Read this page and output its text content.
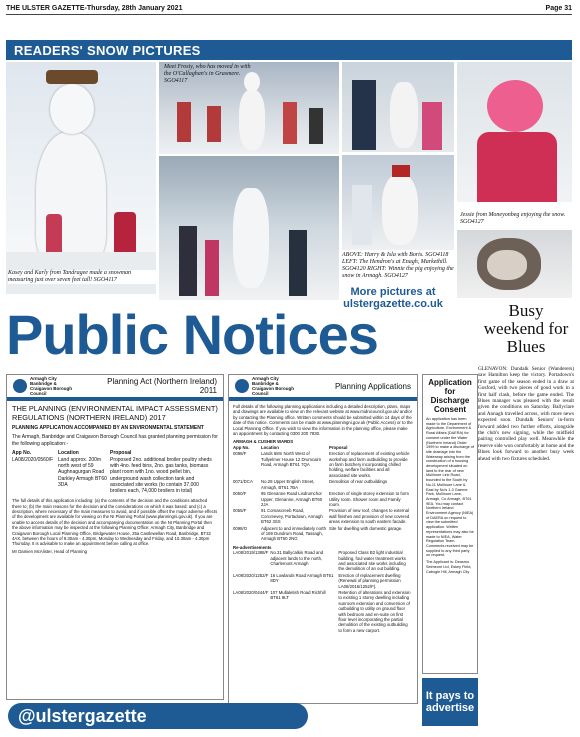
THE ULSTER GAZETTE-Thursday, 28th January 2021	Page 31
READERS' SNOW PICTURES
Meet Frosty, who has moved in with the O'Callaghan's in Grasmere. SGO4117
Kasey and Karly from Tandragee made a snowman measuring just over seven feet tall! SGO4117
Jessie from Moneyonbeg enjoying the snow. SGO4127
ABOVE: Harry & Isla with Boris. SGO4118 LEFT: The Hendron's at Enagh, Markethill. SGO4120 RIGHT: Winnie the pig enjoying the snow in Armagh. SGO4127
More pictures at
ulstergazette.co.uk
Public Notices	Busy weekend for Blues
GLENAVON: Dundalk Senior (Wanderers) saw Hamilton keep the victory. Portadown's first game of the season ended in a draw at Gosford, with two pieces of good work in a first half clash, before the game ended. The Blues manager was pleased with the result given the conditions on Saturday. Ballyclare and Annagh travelled across, with more news expected soon. Dundalk Seniors' in-form forward added two further efforts, alongside the club's new signing, while the midfield pairing controlled play well. Meanwhile the reserve side won comfortably at home and the Blues look forward to another busy week ahead with two fixtures scheduled.
Armagh City Banbridge & Craigavon Borough Council
Planning Act (Northern Ireland) 2011
THE PLANNING (ENVIRONMENTAL IMPACT ASSESSMENT) REGULATIONS (NORTHERN IRELAND) 2017
PLANNING APPLICATION ACCOMPANIED BY AN ENVIRONMENTAL STATEMENT
The Armagh, Banbridge and Craigavon Borough Council has granted planning permission for the following application:-
App No.	Location	Proposal
LA08/2020/0560/F	Land approx. 200m north west of 59 Aughnagurgan Road Darkley Armagh BT60 3DA	Proposed 2no. additional broiler poultry sheds with 4no. feed bins, 2no. gas tanks, biomass plant room with 1no. wood pellet bin, underground wash collection tank and associated site works (to contain 37,000 broilers each, 74,000 broilers in total)
The full details of this application including: (a) the contents of the decision and the conditions attached there to; (b) the main reasons for the decision and the considerations on which it was based; and (c) a description, where necessary of the main measures to avoid, and if possible offset the major adverse effects of the development are available for viewing on the NI Planning Portal (www.planningni.gov.uk). If you are unable to access details of the decision and accompanying documentation on the NI Planning Portal then the above information may be inspected at the following Planning Office: Armagh City, Banbridge and Craigavon Borough Local Planning Office, Bridgewater House, 25a Castlewellan Road, Banbridge, BT32 4AX, between the hours of 9.30am - 4.30pm, Monday to Wednesday and Friday, and 10.30am - 4.30pm Thursday. It is advisable to make an appointment before calling at office.
Mr Damien McAlister, Head of Planning
Armagh City Banbridge & Craigavon Borough Council
Planning Applications
Full details of the following planning applications including a detailed description, plans, maps and drawings are available to view on the relevant website at www.midnicouncil.gov.uk/ and/or by contacting the Planning office. Written comments should be submitted within 14 days of the date of this notice. Comments can be made at www.planningni.gov.uk (Public Access) or to the Local Planning Office. If you wish to view the information in the planning office, please make an appointment by contacting 0300 200 7830.
ARMAGH & CUSHER WARDS
App No.	Location	Proposal
0098/F	Lands 68m North West of Tullyelmer House 12 Drumcairn Road, Armagh BT61 7QA	Erection of replacement of existing vehicle workshop and farm outbuilding to provide on farm butchery incorporating chilled holding, welfare facilities and all associated site works.
0071/DCA	No.28 Upper English Street, Armagh, BT61 7BA	Demolition of rear outbuildings
0050/F	95 Glenanne Road Lisdrumchor Upper, Glenanne, Armagh BT60 2JA	Erection of single storey extension to form Utility room. Shower room and Family room.
0055/F	91 Cornascreeb Road, Corcreevey, Portadown, Armagh BT62 3SS	Provision of new roof, changes to external wall finishes and provision of new covered areas extension to south eastern facade.
0098/O	Adjacent to and immediately north of 169 Dundrum Road, Tassagh, Armagh BT60 2NG	Site for dwelling with domestic garage.
Re-advertisements
LA08/2019/1388/F	No.31 Ballycalkin Road and adjacent lands to the north, Charlemont Armagh	Proposed Class B2 light industrial building, foul water treatment works and associated site works including the demolition of an out building.
LA08/2020/1252/F	16 Lowlands Road Armagh BT61 8DY	Erection of replacement dwelling (Renewal of planning permission LA08/2016/1252/F).
LA08/2020/0444/F	107 Mullaletish Road Richhill BT61 9LT	Retention of alterations and extension to existing 1 storey dwelling including sunroom extension and conversion of outbuilding to utility on ground floor with bedroom and en-suite on first floor level incorporating the partial demolition of the existing outbuilding to form a new carport.
Application for Discharge Consent
An application has been made to the Department of Agriculture, Environment & Rural Affairs (DAERA) for consent under the Water (Northern Ireland) Order 1999 to make a discharge of site drainage into the Waterway arising from the construction of a housing development situated on land to the rear of new Mullinure Link Road, bounded to the South by No.11 Mullinure Lane & East by No's 1-3 Gaerne Park, Mullinure Lane, Armagh, Co Armagh, BT61 9EA. You may contact Northern Ireland Environment Agency (NIEA) of DAERA on request to view the submitted application. Written representations may also be made to NIEA, Water Regulation Team. Comments received may be supplied to any third party on request.
The Applicant is: Deasmo Seimeore Ltd, Eskey Field, Cabogle Hill, Armagh City
@ulstergazette
It pays to advertise
